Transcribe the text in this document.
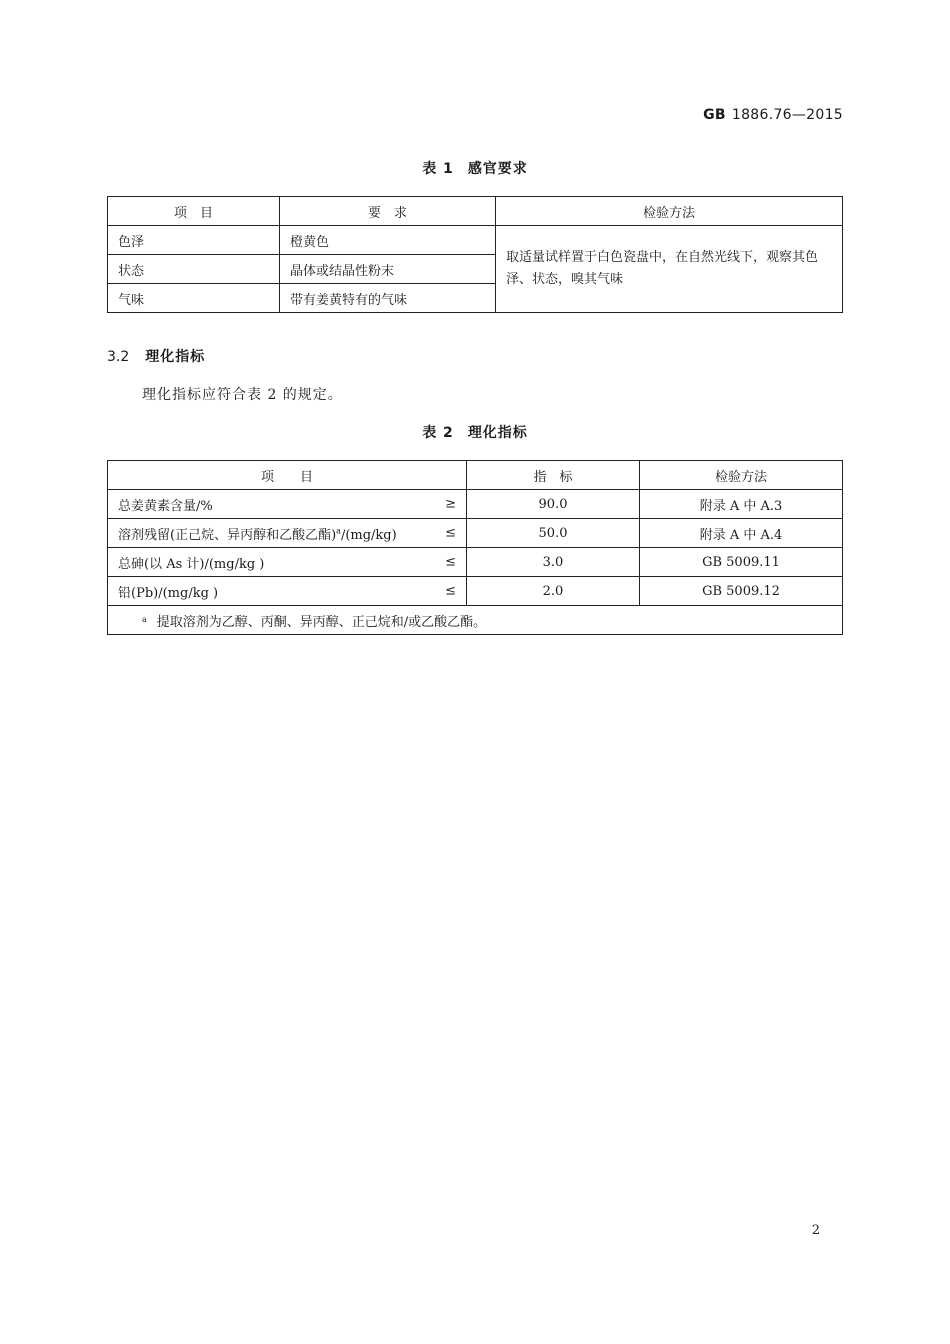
GB 1886.76—2015
表 1 感官要求
项　目	要　求	检验方法
色泽	橙黄色	取适量试样置于白色瓷盘中，在自然光线下，观察其色泽、状态，嗅其气味
状态	晶体或结晶性粉末	
气味	带有姜黄特有的气味	
3.2 理化指标
理化指标应符合表 2 的规定。
表 2 理化指标
项　　目	指　标	检验方法
总姜黄素含量/% ≥	90.0	附录 A 中 A.3
溶剂残留(正己烷、异丙醇和乙酸乙酯)$^a$/(mg/kg) ≤	50.0	附录 A 中 A.4
总砷(以 As 计)/(mg/kg ) ≤	3.0	GB 5009.11
铅(Pb)/(mg/kg ) ≤	2.0	GB 5009.12
$^a$ 提取溶剂为乙醇、丙酮、异丙醇、正己烷和/或乙酸乙酯。		
2
